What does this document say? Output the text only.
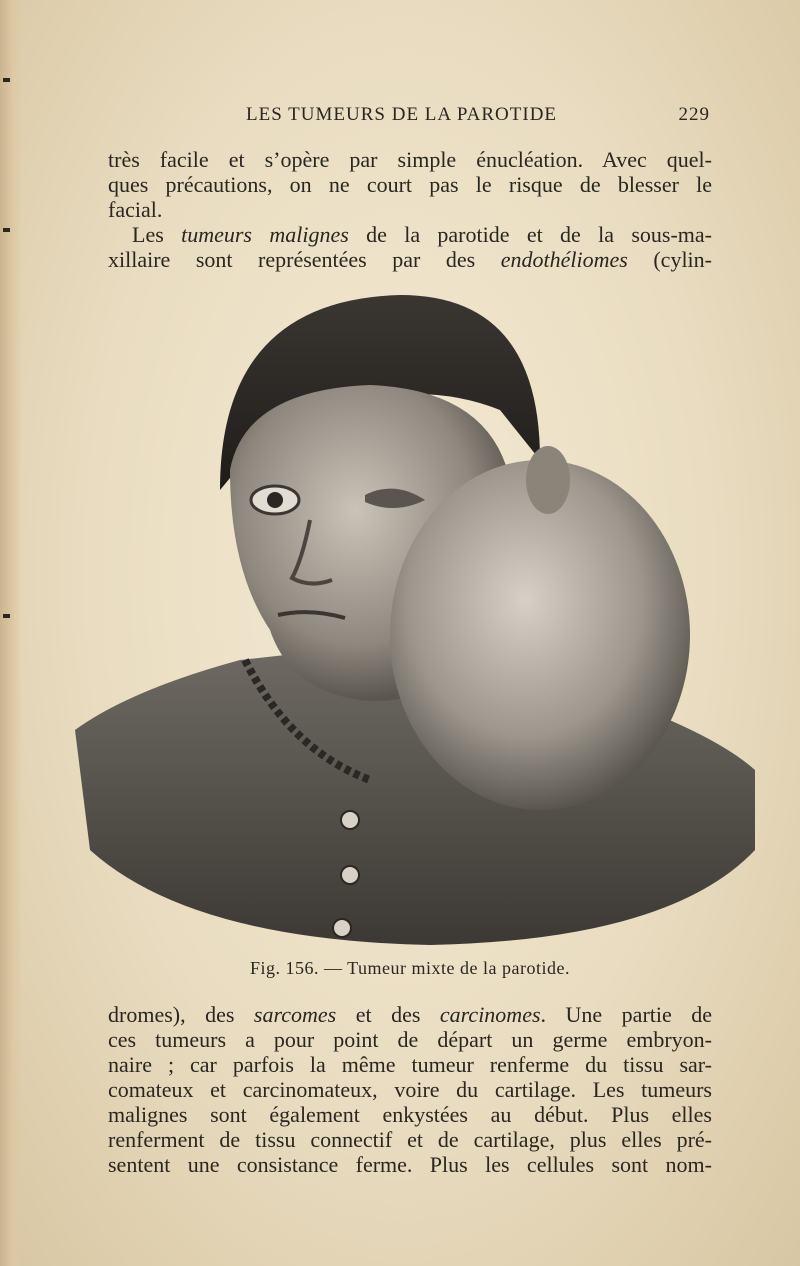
LES TUMEURS DE LA PAROTIDE	229
très facile et s’opère par simple énucléation. Avec quel-
ques précautions, on ne court pas le risque de blesser le
facial.
Les tumeurs malignes de la parotide et de la sous-ma-
xillaire sont représentées par des endothéliomes (cylin-
Fig. 156. — Tumeur mixte de la parotide.
dromes), des sarcomes et des carcinomes. Une partie de
ces tumeurs a pour point de départ un germe embryon-
naire ; car parfois la même tumeur renferme du tissu sar-
comateux et carcinomateux, voire du cartilage. Les tumeurs
malignes sont également enkystées au début. Plus elles
renferment de tissu connectif et de cartilage, plus elles pré-
sentent une consistance ferme. Plus les cellules sont nom-
